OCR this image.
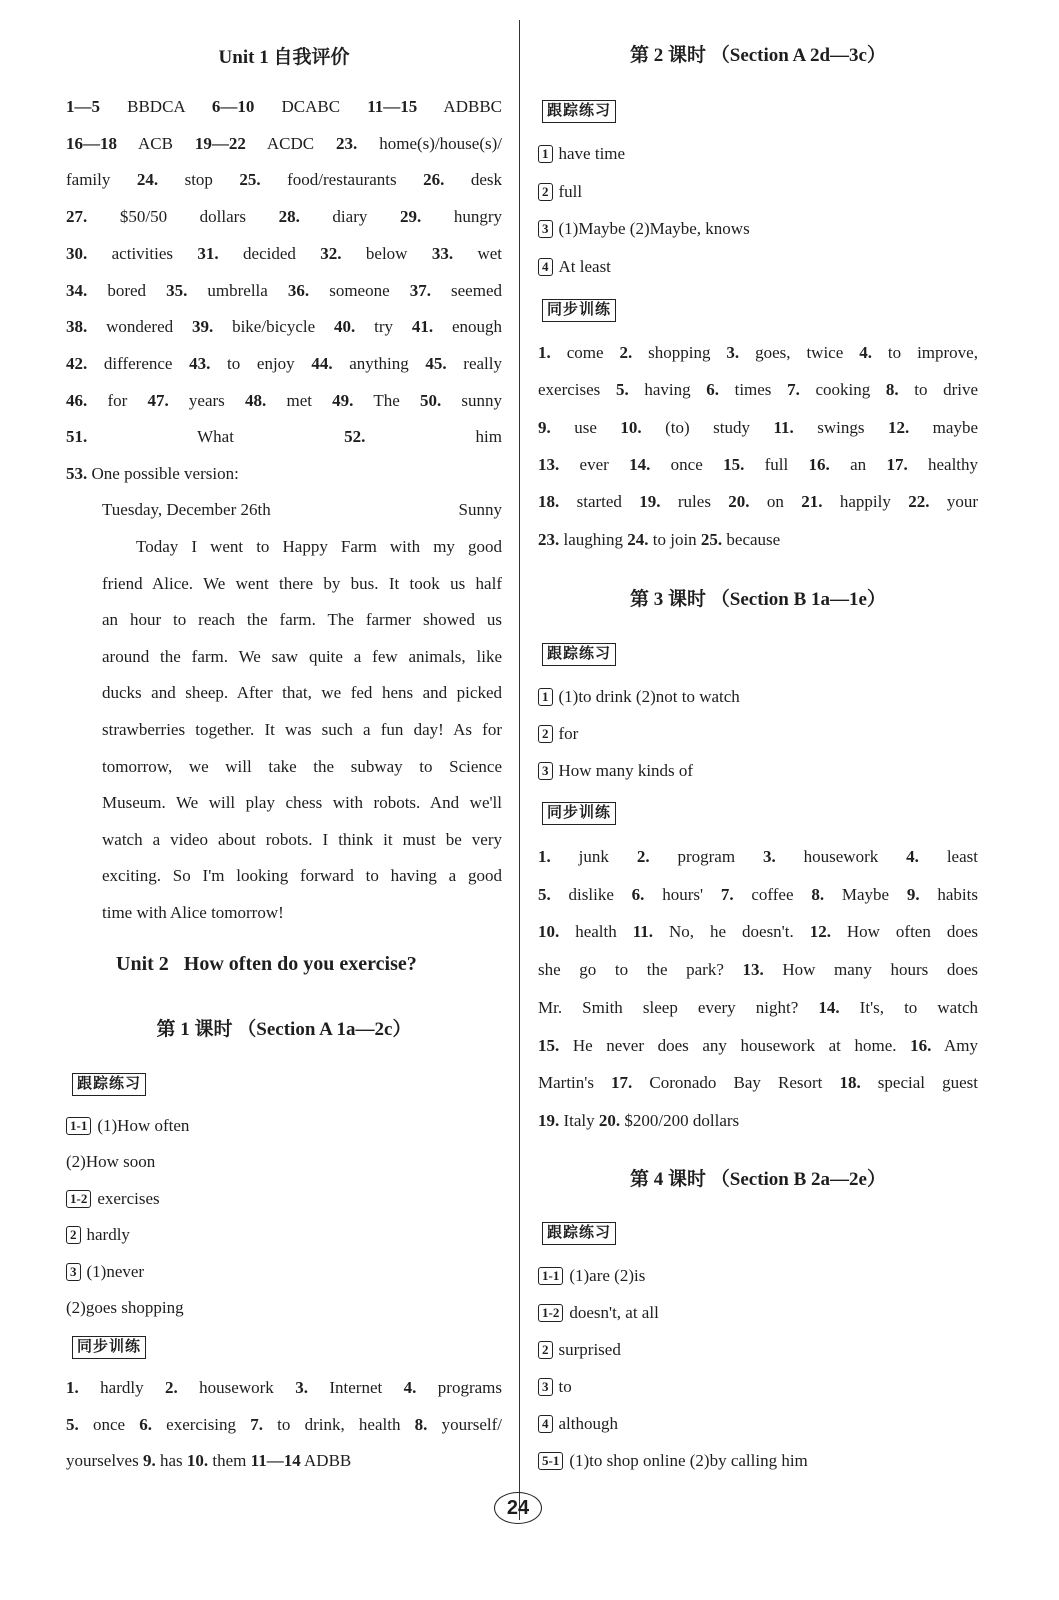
Unit 1 自我评价
1—5 BBDCA 6—10 DCABC 11—15 ADBBC
16—18 ACB 19—22 ACDC 23. home(s)/house(s)/
family 24. stop 25. food/restaurants 26. desk
27. $50/50 dollars 28. diary 29. hungry
30. activities 31. decided 32. below 33. wet
34. bored 35. umbrella 36. someone 37. seemed
38. wondered 39. bike/bicycle 40. try 41. enough
42. difference 43. to enjoy 44. anything 45. really
46. for 47. years 48. met 49. The 50. sunny
51. What 52. him
53. One possible version:
Tuesday, December 26th	Sunny
Today I went to Happy Farm with my good
friend Alice. We went there by bus. It took us half
an hour to reach the farm. The farmer showed us
around the farm. We saw quite a few animals, like
ducks and sheep. After that, we fed hens and picked
strawberries together. It was such a fun day! As for
tomorrow, we will take the subway to Science
Museum. We will play chess with robots. And we'll
watch a video about robots. I think it must be very
exciting. So I'm looking forward to having a good
time with Alice tomorrow!
Unit 2 How often do you exercise?
第 1 课时 （Section A 1a—2c）
跟踪练习
1-1 (1)How often
(2)How soon
1-2 exercises
2 hardly
3 (1)never
(2)goes shopping
同步训练
1. hardly 2. housework 3. Internet 4. programs
5. once 6. exercising 7. to drink, health 8. yourself/
yourselves 9. has 10. them 11—14 ADBB
第 2 课时 （Section A 2d—3c）
跟踪练习
1 have time
2 full
3 (1)Maybe (2)Maybe, knows
4 At least
同步训练
1. come 2. shopping 3. goes, twice 4. to improve,
exercises 5. having 6. times 7. cooking 8. to drive
9. use 10. (to) study 11. swings 12. maybe
13. ever 14. once 15. full 16. an 17. healthy
18. started 19. rules 20. on 21. happily 22. your
23. laughing 24. to join 25. because
第 3 课时 （Section B 1a—1e）
跟踪练习
1 (1)to drink (2)not to watch
2 for
3 How many kinds of
同步训练
1. junk 2. program 3. housework 4. least
5. dislike 6. hours' 7. coffee 8. Maybe 9. habits
10. health 11. No, he doesn't. 12. How often does
she go to the park? 13. How many hours does
Mr. Smith sleep every night? 14. It's, to watch
15. He never does any housework at home. 16. Amy
Martin's 17. Coronado Bay Resort 18. special guest
19. Italy 20. $200/200 dollars
第 4 课时 （Section B 2a—2e）
跟踪练习
1-1 (1)are (2)is
1-2 doesn't, at all
2 surprised
3 to
4 although
5-1 (1)to shop online (2)by calling him
24
